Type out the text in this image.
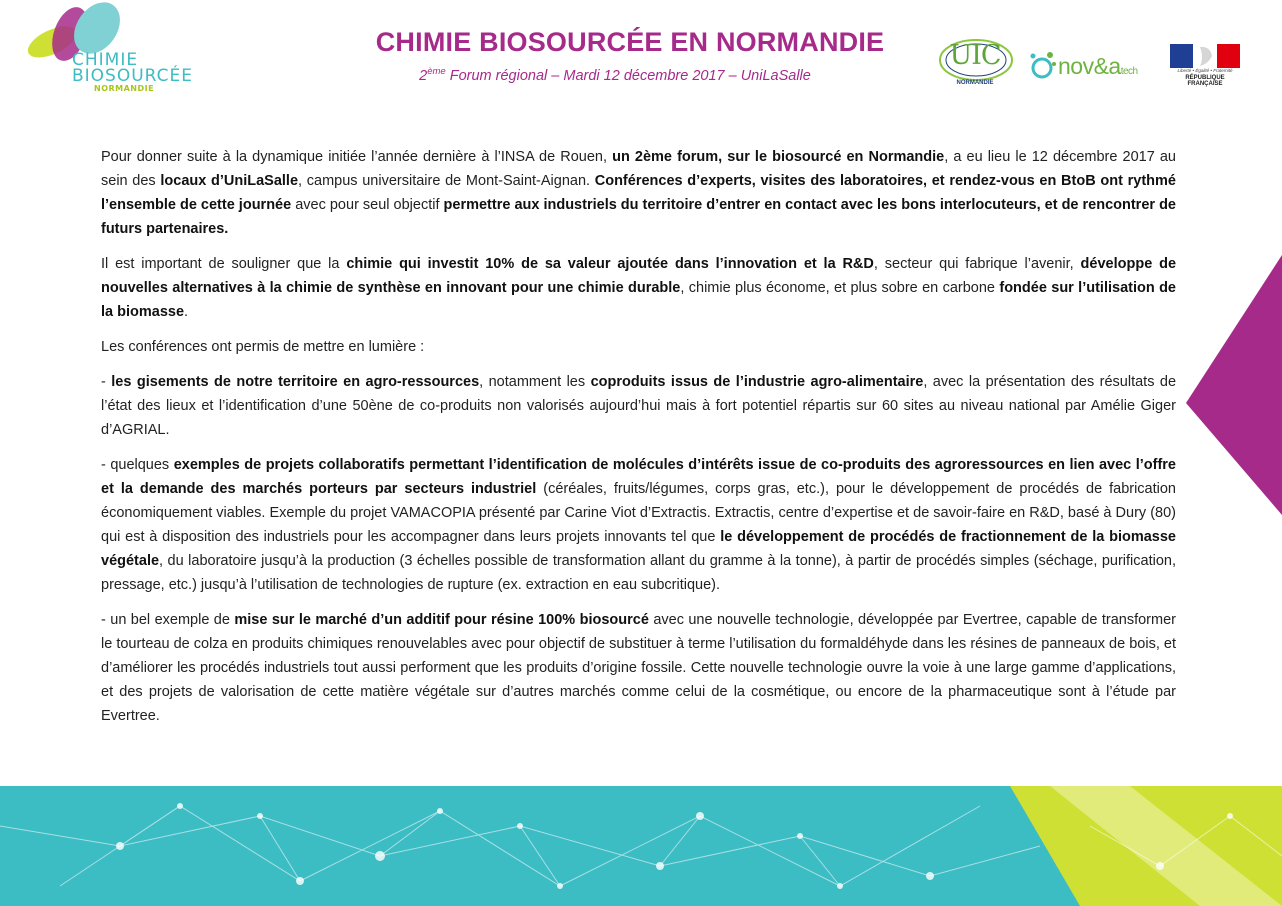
CHIMIE
BIOSOURCÉE
NORMANDIE
CHIMIE BIOSOURCÉE EN NORMANDIE
2ème Forum régional – Mardi 12 décembre 2017 – UniLaSalle
UIC
NORMANDIE
nov&atech	Liberté • Égalité • Fraternité
RÉPUBLIQUE FRANÇAISE

Pour donner suite à la dynamique initiée l’année dernière à l’INSA de Rouen, un 2ème forum, sur le biosourcé en Normandie, a eu lieu le 12 décembre 2017 au sein des locaux d’UniLaSalle, campus universitaire de Mont-Saint-Aignan. Conférences d’experts, visites des laboratoires, et rendez-vous en BtoB ont rythmé l’ensemble de cette journée avec pour seul objectif permettre aux industriels du territoire d’entrer en contact avec les bons interlocuteurs, et de rencontrer de futurs partenaires.

Il est important de souligner que la chimie qui investit 10% de sa valeur ajoutée dans l’innovation et la R&D, secteur qui fabrique l’avenir, développe de nouvelles alternatives à la chimie de synthèse en innovant pour une chimie durable, chimie plus économe, et plus sobre en carbone fondée sur l’utilisation de la biomasse.

Les conférences ont permis de mettre en lumière :

- les gisements de notre territoire en agro-ressources, notamment les coproduits issus de l’industrie agro-alimentaire, avec la présentation des résultats de l’état des lieux et l’identification d’une 50ène de co-produits non valorisés aujourd’hui mais à fort potentiel répartis sur 60 sites au niveau national par Amélie Giger d’AGRIAL.

- quelques exemples de projets collaboratifs permettant l’identification de molécules d’intérêts issue de co-produits des agroressources en lien avec l’offre et la demande des marchés porteurs par secteurs industriel (céréales, fruits/légumes, corps gras, etc.), pour le développement de procédés de fabrication économiquement viables. Exemple du projet VAMACOPIA présenté par Carine Viot d’Extractis. Extractis, centre d’expertise et de savoir-faire en R&D, basé à Dury (80) qui est à disposition des industriels pour les accompagner dans leurs projets innovants tel que le développement de procédés de fractionnement de la biomasse végétale, du laboratoire jusqu’à la production (3 échelles possible de transformation allant du gramme à la tonne), à partir de procédés simples (séchage, purification, pressage, etc.) jusqu’à l’utilisation de technologies de rupture (ex. extraction en eau subcritique).

- un bel exemple de mise sur le marché d’un additif pour résine 100% biosourcé avec une nouvelle technologie, développée par Evertree, capable de transformer le tourteau de colza en produits chimiques renouvelables avec pour objectif de substituer à terme l’utilisation du formaldéhyde dans les résines de panneaux de bois, et d’améliorer les procédés industriels tout aussi performent que les produits d’origine fossile. Cette nouvelle technologie ouvre la voie à une large gamme d’applications, et des projets de valorisation de cette matière végétale sur d’autres marchés comme celui de la cosmétique, ou encore de la pharmaceutique sont à l’étude par Evertree.
